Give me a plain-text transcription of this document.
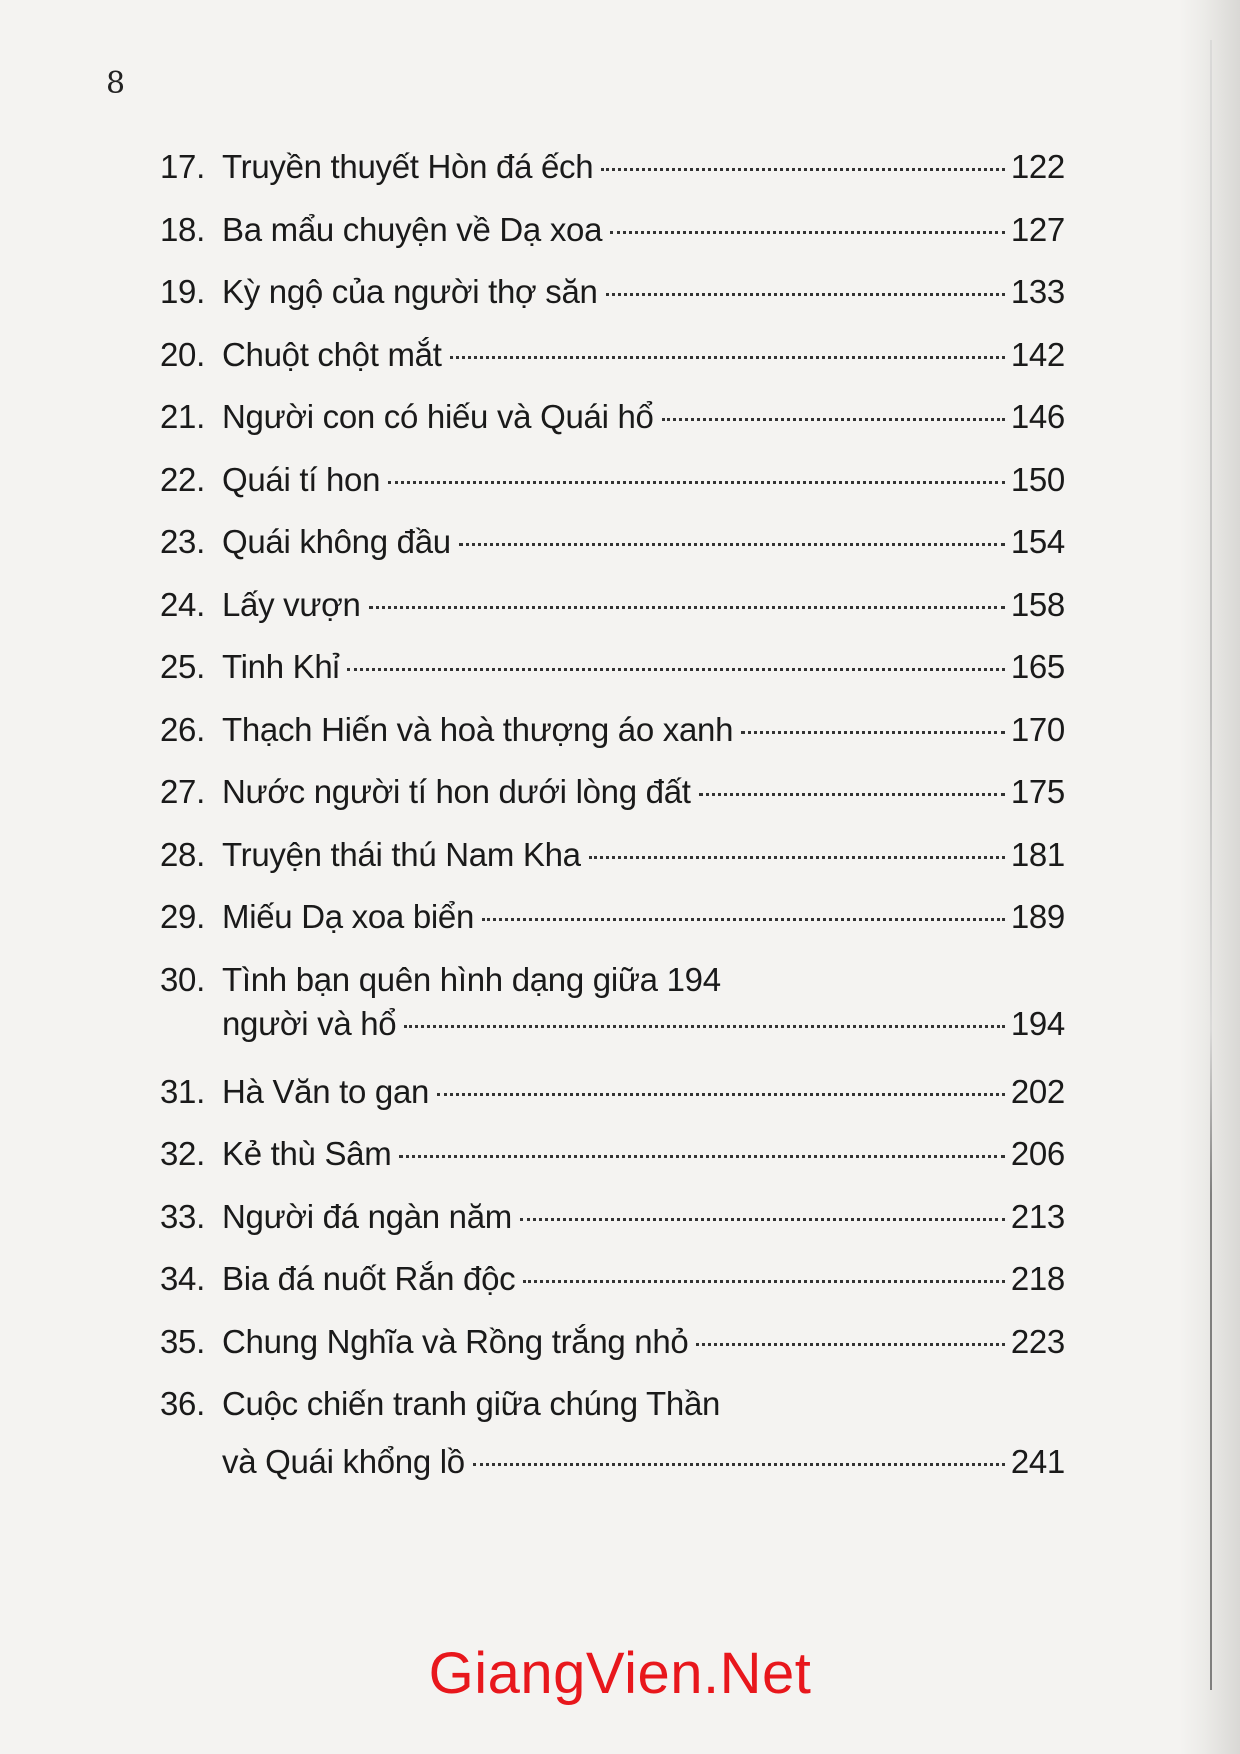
8
17. Truyền thuyết Hòn đá ếch	122
18. Ba mẩu chuyện về Dạ xoa	127
19. Kỳ ngộ của người thợ săn	133
20. Chuột chột mắt	142
21. Người con có hiếu và Quái hổ	146
22. Quái tí hon	150
23. Quái không đầu	154
24. Lấy vượn	158
25. Tinh Khỉ	165
26. Thạch Hiến và hoà thượng áo xanh	170
27. Nước người tí hon dưới lòng đất	175
28. Truyện thái thú Nam Kha	181
29. Miếu Dạ xoa biển	189
30. Tình bạn quên hình dạng giữa 194
người và hổ	194
31. Hà Văn to gan	202
32. Kẻ thù Sâm	206
33. Người đá ngàn năm	213
34. Bia đá nuốt Rắn độc	218
35. Chung Nghĩa và Rồng trắng nhỏ	223
36. Cuộc chiến tranh giữa chúng Thần
và Quái khổng lồ	241
GiangVien.Net
